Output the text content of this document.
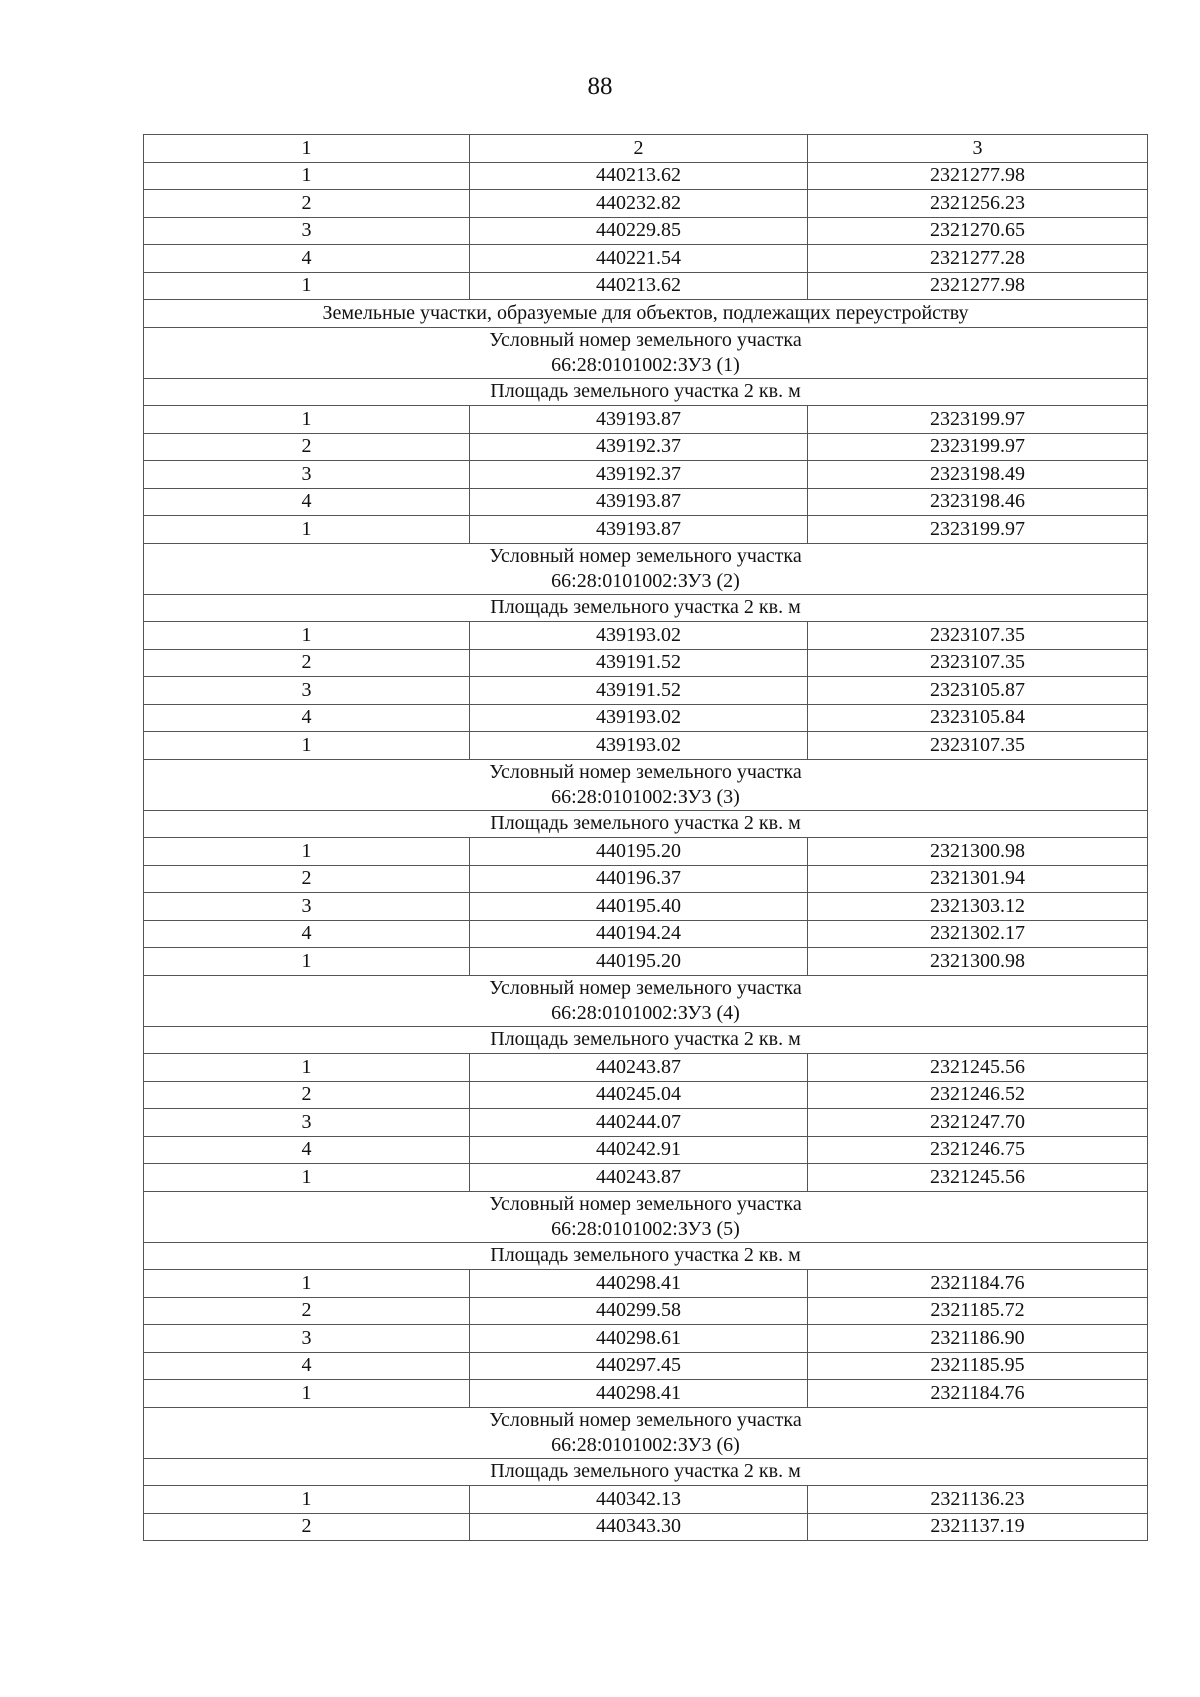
88
1	2	3
1	440213.62	2321277.98
2	440232.82	2321256.23
3	440229.85	2321270.65
4	440221.54	2321277.28
1	440213.62	2321277.98
Земельные участки, образуемые для объектов, подлежащих переустройству		

Условный номер земельного участка
66:28:0101002:ЗУ3 (1)		

Площадь земельного участка 2 кв. м		
1	439193.87	2323199.97
2	439192.37	2323199.97
3	439192.37	2323198.49
4	439193.87	2323198.46
1	439193.87	2323199.97

Условный номер земельного участка
66:28:0101002:ЗУ3 (2)		

Площадь земельного участка 2 кв. м		
1	439193.02	2323107.35
2	439191.52	2323107.35
3	439191.52	2323105.87
4	439193.02	2323105.84
1	439193.02	2323107.35

Условный номер земельного участка
66:28:0101002:ЗУ3 (3)		

Площадь земельного участка 2 кв. м		
1	440195.20	2321300.98
2	440196.37	2321301.94
3	440195.40	2321303.12
4	440194.24	2321302.17
1	440195.20	2321300.98

Условный номер земельного участка
66:28:0101002:ЗУ3 (4)		

Площадь земельного участка 2 кв. м		
1	440243.87	2321245.56
2	440245.04	2321246.52
3	440244.07	2321247.70
4	440242.91	2321246.75
1	440243.87	2321245.56

Условный номер земельного участка
66:28:0101002:ЗУ3 (5)		

Площадь земельного участка 2 кв. м		
1	440298.41	2321184.76
2	440299.58	2321185.72
3	440298.61	2321186.90
4	440297.45	2321185.95
1	440298.41	2321184.76

Условный номер земельного участка
66:28:0101002:ЗУ3 (6)		

Площадь земельного участка 2 кв. м		
1	440342.13	2321136.23
2	440343.30	2321137.19
